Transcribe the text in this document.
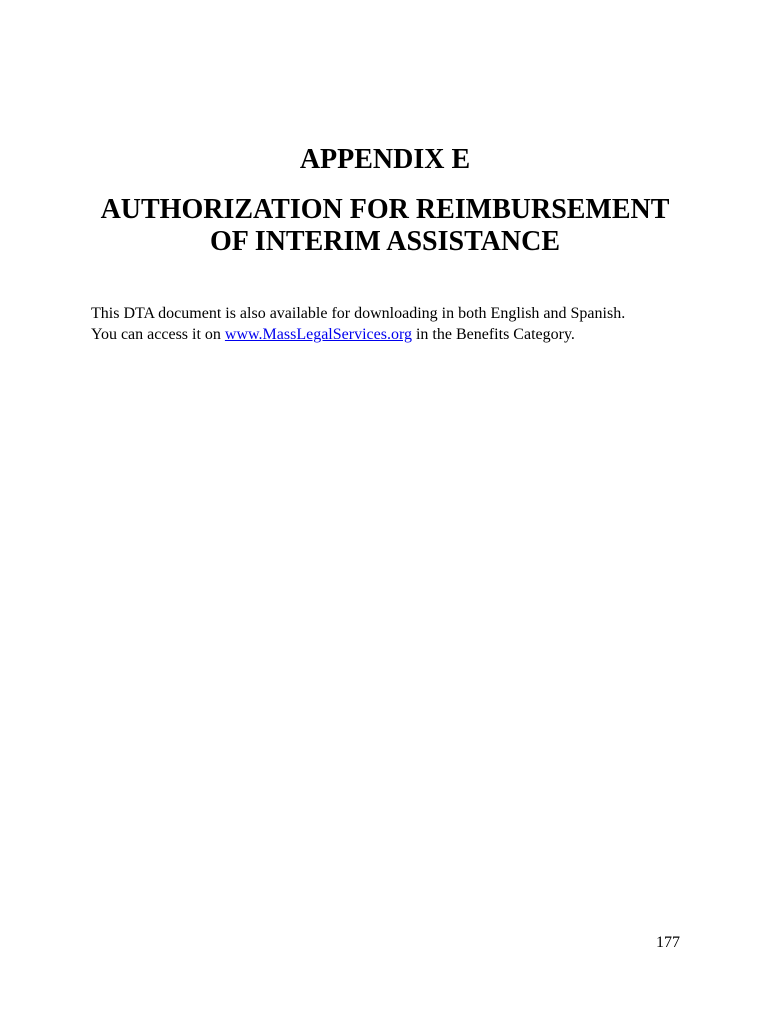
APPENDIX E
AUTHORIZATION FOR REIMBURSEMENT
OF INTERIM ASSISTANCE

This DTA document is also available for downloading in both English and Spanish.

You can access it on www.MassLegalServices.org in the Benefits Category.

177
